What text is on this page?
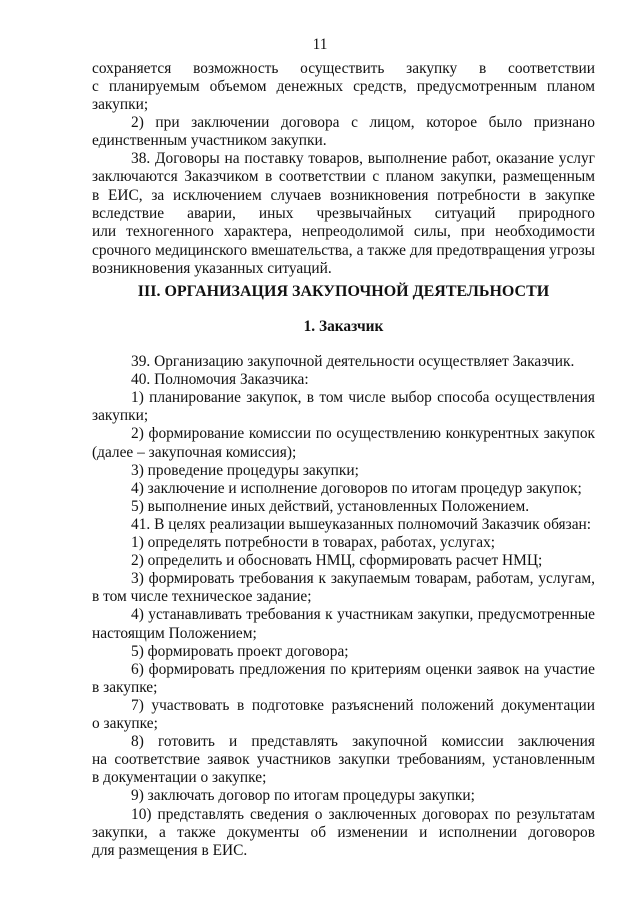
11
сохраняется возможность осуществить закупку в соответствии
с планируемым объемом денежных средств, предусмотренным планом
закупки;
2) при заключении договора с лицом, которое было признано
единственным участником закупки.
38. Договоры на поставку товаров, выполнение работ, оказание услуг
заключаются Заказчиком в соответствии с планом закупки, размещенным
в ЕИС, за исключением случаев возникновения потребности в закупке
вследствие аварии, иных чрезвычайных ситуаций природного
или техногенного характера, непреодолимой силы, при необходимости
срочного медицинского вмешательства, а также для предотвращения угрозы
возникновения указанных ситуаций.
III. ОРГАНИЗАЦИЯ ЗАКУПОЧНОЙ ДЕЯТЕЛЬНОСТИ
1. Заказчик
39. Организацию закупочной деятельности осуществляет Заказчик.
40. Полномочия Заказчика:
1) планирование закупок, в том числе выбор способа осуществления
закупки;
2) формирование комиссии по осуществлению конкурентных закупок
(далее – закупочная комиссия);
3) проведение процедуры закупки;
4) заключение и исполнение договоров по итогам процедур закупок;
5) выполнение иных действий, установленных Положением.
41. В целях реализации вышеуказанных полномочий Заказчик обязан:
1) определять потребности в товарах, работах, услугах;
2) определить и обосновать НМЦ, сформировать расчет НМЦ;
3) формировать требования к закупаемым товарам, работам, услугам,
в том числе техническое задание;
4) устанавливать требования к участникам закупки, предусмотренные
настоящим Положением;
5) формировать проект договора;
6) формировать предложения по критериям оценки заявок на участие
в закупке;
7) участвовать в подготовке разъяснений положений документации
о закупке;
8) готовить и представлять закупочной комиссии заключения
на соответствие заявок участников закупки требованиям, установленным
в документации о закупке;
9) заключать договор по итогам процедуры закупки;
10) представлять сведения о заключенных договорах по результатам
закупки, а также документы об изменении и исполнении договоров
для размещения в ЕИС.
